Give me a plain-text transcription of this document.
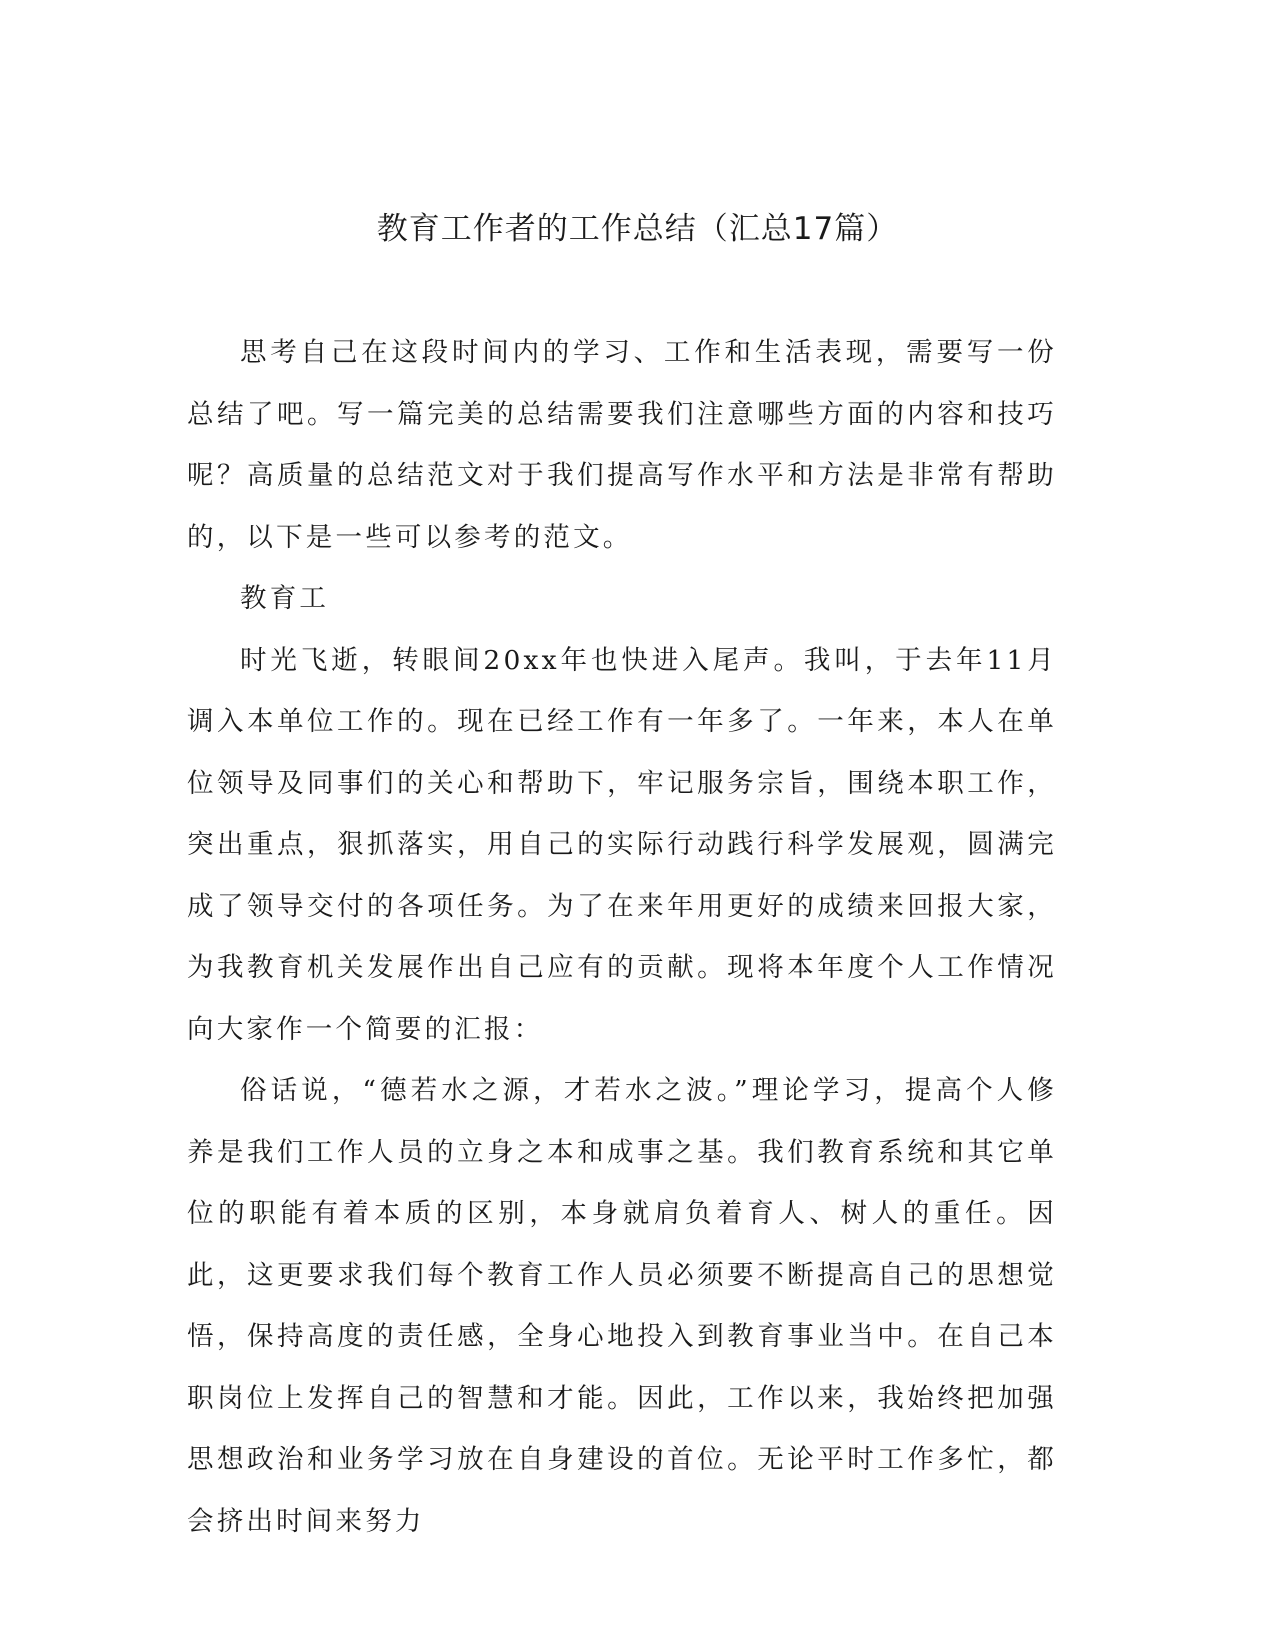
教育工作者的工作总结（汇总17篇）

思考自己在这段时间内的学习、工作和生活表现，需要写一份总结了吧。写一篇完美的总结需要我们注意哪些方面的内容和技巧呢？高质量的总结范文对于我们提高写作水平和方法是非常有帮助的，以下是一些可以参考的范文。

教育工

时光飞逝，转眼间20xx年也快进入尾声。我叫，于去年11月调入本单位工作的。现在已经工作有一年多了。一年来，本人在单位领导及同事们的关心和帮助下，牢记服务宗旨，围绕本职工作，突出重点，狠抓落实，用自己的实际行动践行科学发展观，圆满完成了领导交付的各项任务。为了在来年用更好的成绩来回报大家，为我教育机关发展作出自己应有的贡献。现将本年度个人工作情况向大家作一个简要的汇报：

俗话说，“德若水之源，才若水之波。”理论学习，提高个人修养是我们工作人员的立身之本和成事之基。我们教育系统和其它单位的职能有着本质的区别，本身就肩负着育人、树人的重任。因此，这更要求我们每个教育工作人员必须要不断提高自己的思想觉悟，保持高度的责任感，全身心地投入到教育事业当中。在自己本职岗位上发挥自己的智慧和才能。因此，工作以来，我始终把加强思想政治和业务学习放在自身建设的首位。无论平时工作多忙，都会挤出时间来努力
